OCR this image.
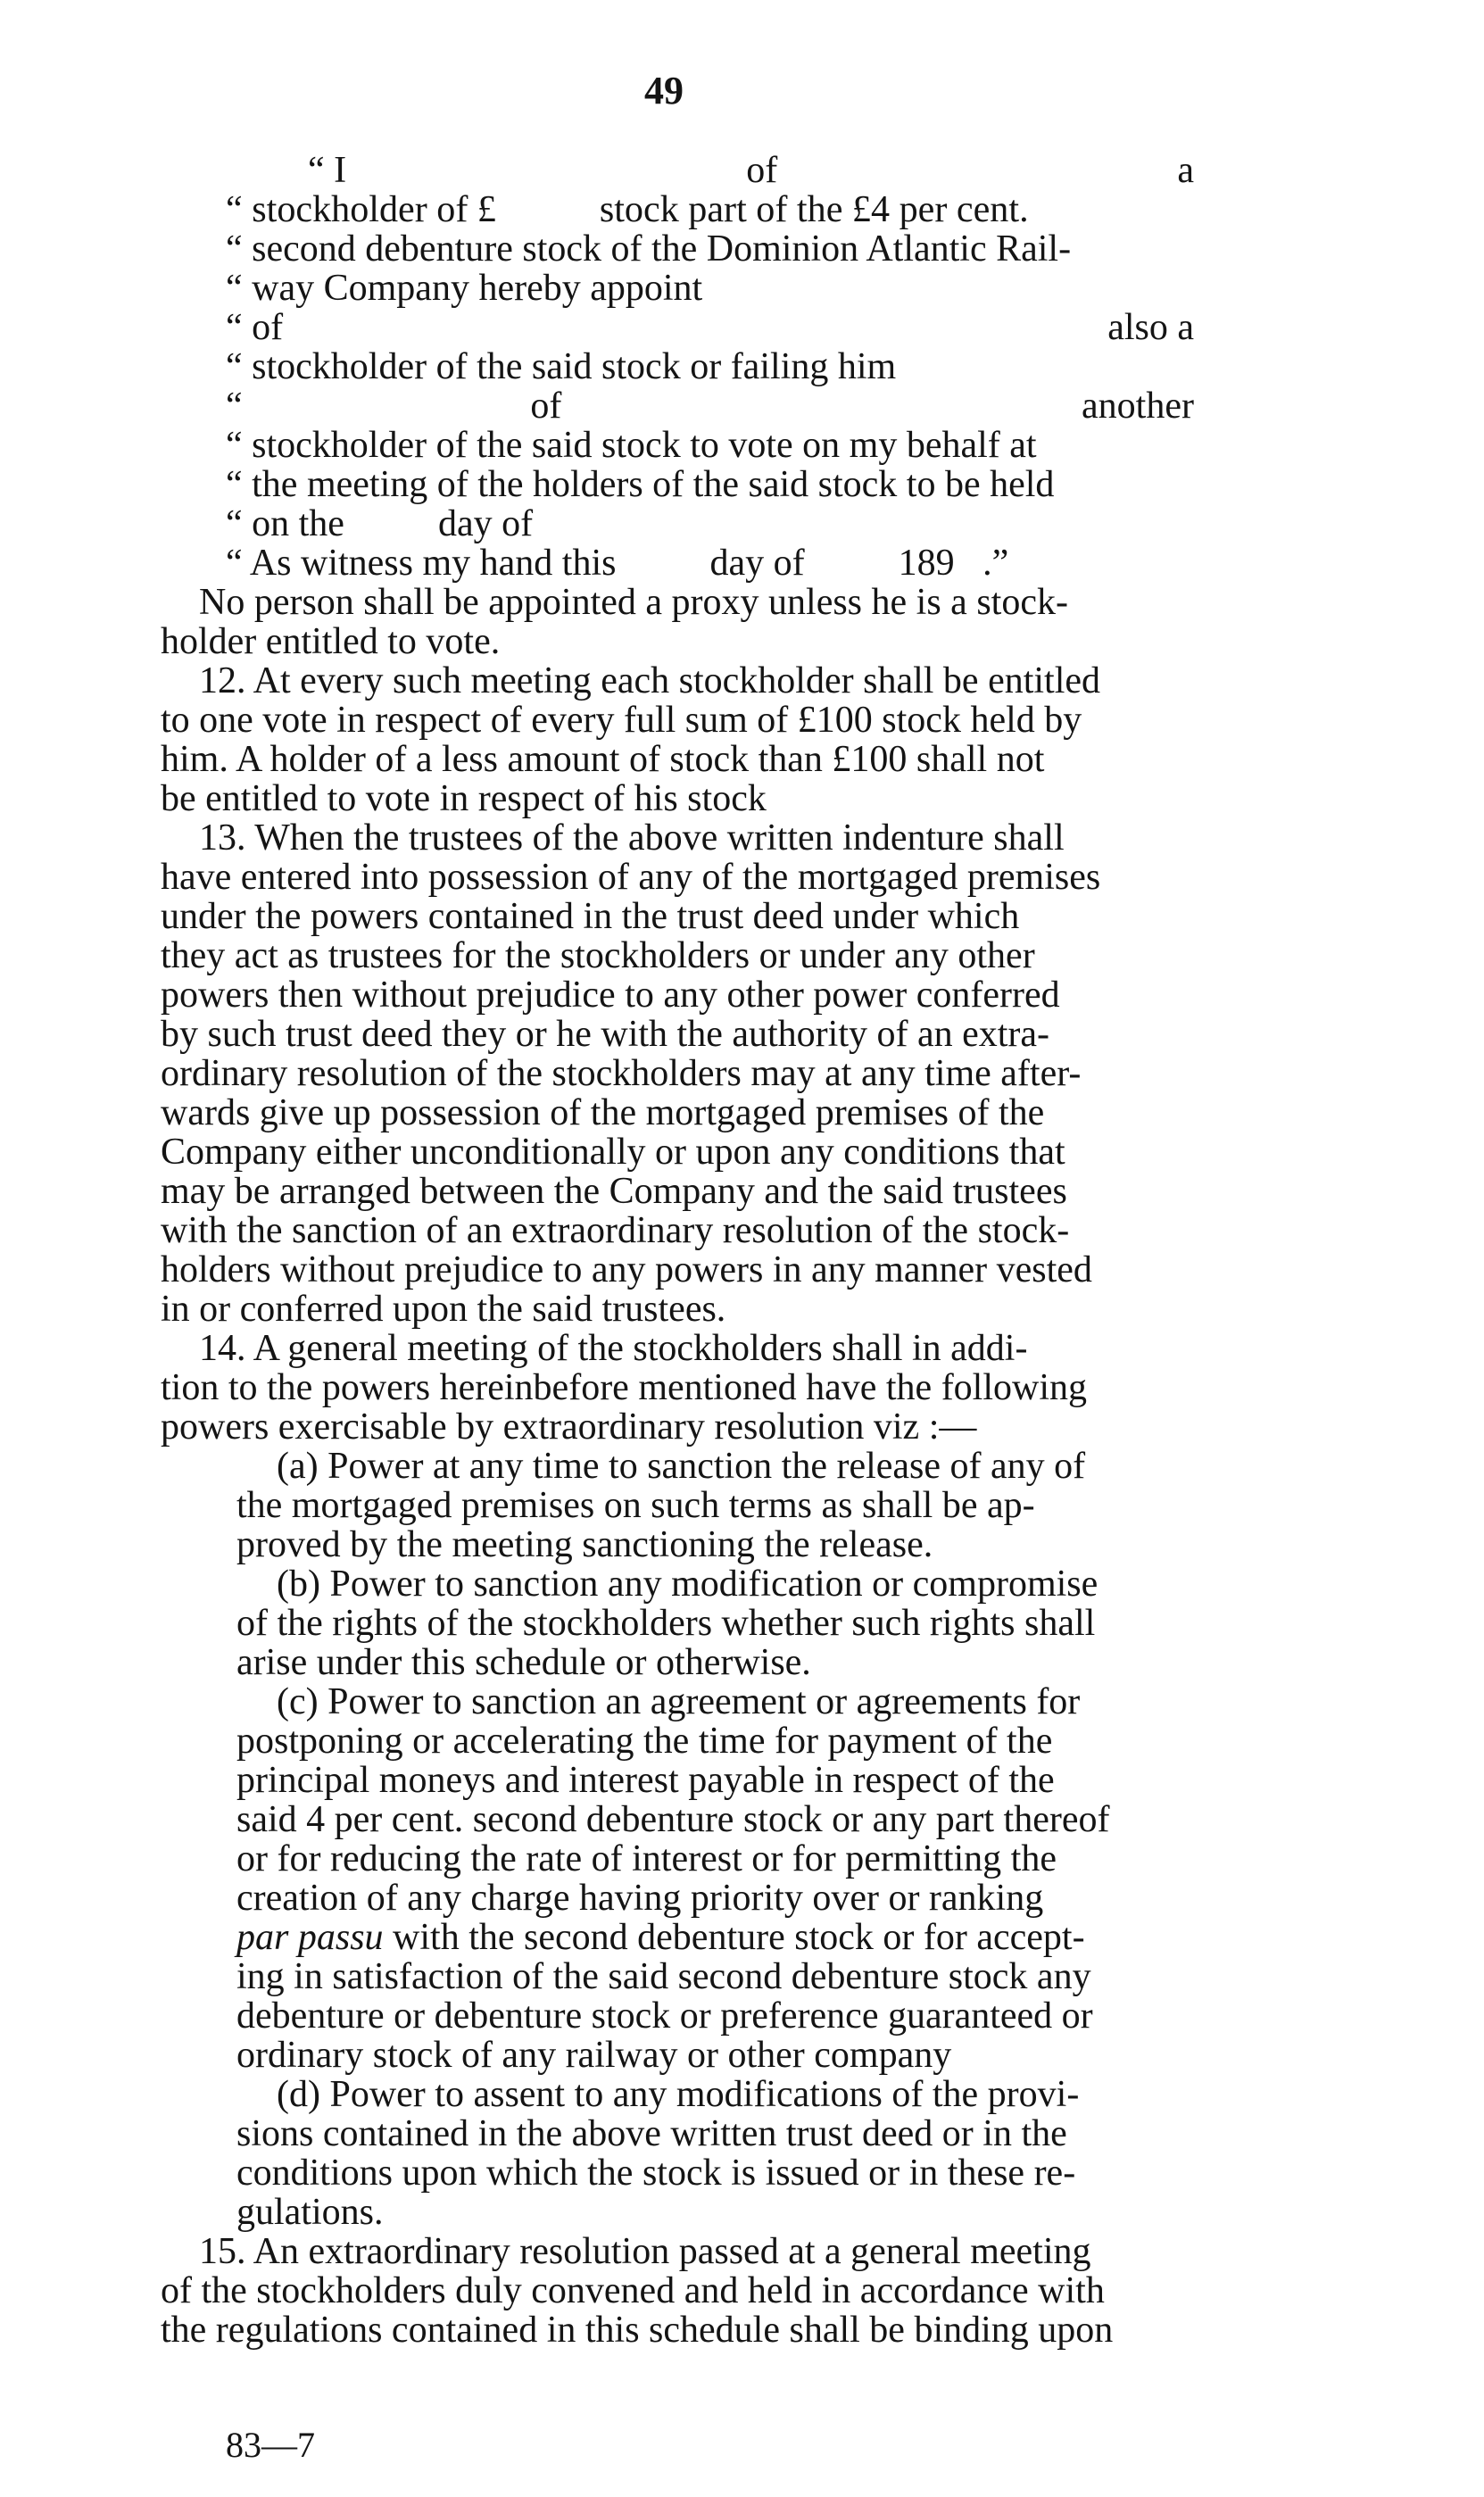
49
“ I	of	a
“ stockholder of £           stock part of the £4 per cent.
“ second debenture stock of the Dominion Atlantic Rail-
“ way Company hereby appoint
“ of	also a
“ stockholder of the said stock or failing him
“	of	another
“ stockholder of the said stock to vote on my behalf at
“ the meeting of the holders of the said stock to be held
“ on the          day of
“ As witness my hand this          day of          189   .”
No person shall be appointed a proxy unless he is a stock-
holder entitled to vote.
12. At every such meeting each stockholder shall be entitled
to one vote in respect of every full sum of £100 stock held by
him. A holder of a less amount of stock than £100 shall not
be entitled to vote in respect of his stock
13. When the trustees of the above written indenture shall
have entered into possession of any of the mortgaged premises
under the powers contained in the trust deed under which
they act as trustees for the stockholders or under any other
powers then without prejudice to any other power conferred
by such trust deed they or he with the authority of an extra-
ordinary resolution of the stockholders may at any time after-
wards give up possession of the mortgaged premises of the
Company either unconditionally or upon any conditions that
may be arranged between the Company and the said trustees
with the sanction of an extraordinary resolution of the stock-
holders without prejudice to any powers in any manner vested
in or conferred upon the said trustees.
14. A general meeting of the stockholders shall in addi-
tion to the powers hereinbefore mentioned have the following
powers exercisable by extraordinary resolution viz :—
(a) Power at any time to sanction the release of any of
the mortgaged premises on such terms as shall be ap-
proved by the meeting sanctioning the release.
(b) Power to sanction any modification or compromise
of the rights of the stockholders whether such rights shall
arise under this schedule or otherwise.
(c) Power to sanction an agreement or agreements for
postponing or accelerating the time for payment of the
principal moneys and interest payable in respect of the
said 4 per cent. second debenture stock or any part thereof
or for reducing the rate of interest or for permitting the
creation of any charge having priority over or ranking
par passu with the second debenture stock or for accept-
ing in satisfaction of the said second debenture stock any
debenture or debenture stock or preference guaranteed or
ordinary stock of any railway or other company
(d) Power to assent to any modifications of the provi-
sions contained in the above written trust deed or in the
conditions upon which the stock is issued or in these re-
gulations.
15. An extraordinary resolution passed at a general meeting
of the stockholders duly convened and held in accordance with
the regulations contained in this schedule shall be binding upon
83—7
